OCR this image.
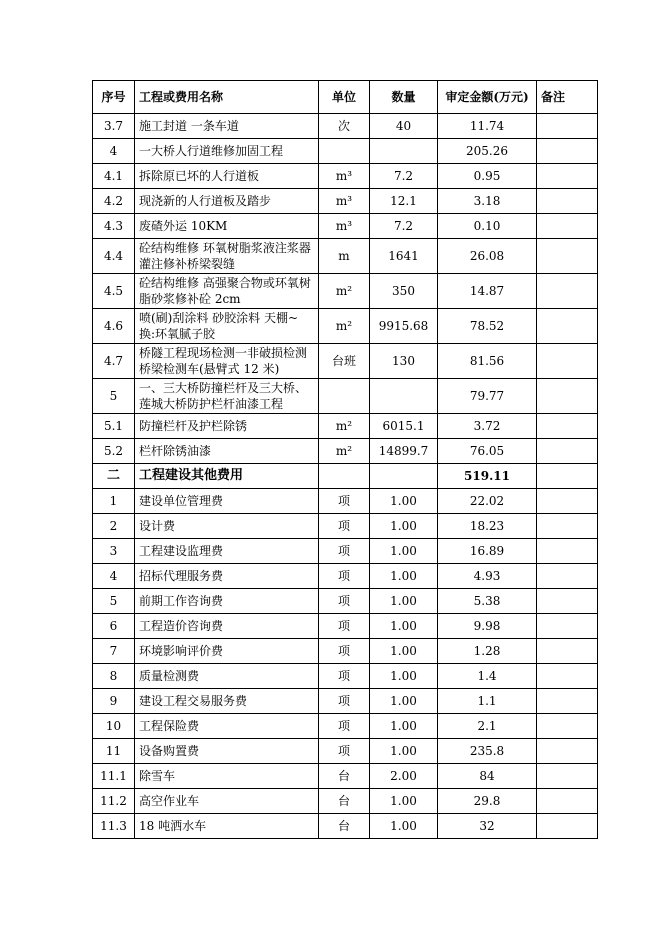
序号	工程或费用名称	单位	数量	审定金额(万元)	备注
3.7	施工封道 一条车道	次	40	11.74	
4	一大桥人行道维修加固工程			205.26	
4.1	拆除原已坏的人行道板	m³	7.2	0.95	
4.2	现浇新的人行道板及踏步	m³	12.1	3.18	
4.3	废碴外运 10KM	m³	7.2	0.10	
4.4	砼结构维修 环氧树脂浆液注浆器灌注修补桥梁裂缝	m	1641	26.08	
4.5	砼结构维修 高强聚合物或环氧树脂砂浆修补砼 2cm	m²	350	14.87	
4.6	喷(刷)刮涂料 砂胶涂料 天棚~换:环氧腻子胶	m²	9915.68	78.52	
4.7	桥隧工程现场检测一非破损检测 桥梁检测车(悬臂式 12 米)	台班	130	81.56	
5	一、三大桥防撞栏杆及三大桥、莲城大桥防护栏杆油漆工程			79.77	
5.1	防撞栏杆及护栏除锈	m²	6015.1	3.72	
5.2	栏杆除锈油漆	m²	14899.7	76.05	
二	工程建设其他费用			519.11	
1	建设单位管理费	项	1.00	22.02	
2	设计费	项	1.00	18.23	
3	工程建设监理费	项	1.00	16.89	
4	招标代理服务费	项	1.00	4.93	
5	前期工作咨询费	项	1.00	5.38	
6	工程造价咨询费	项	1.00	9.98	
7	环境影响评价费	项	1.00	1.28	
8	质量检测费	项	1.00	1.4	
9	建设工程交易服务费	项	1.00	1.1	
10	工程保险费	项	1.00	2.1	
11	设备购置费	项	1.00	235.8	
11.1	除雪车	台	2.00	84	
11.2	高空作业车	台	1.00	29.8	
11.3	18 吨洒水车	台	1.00	32	
